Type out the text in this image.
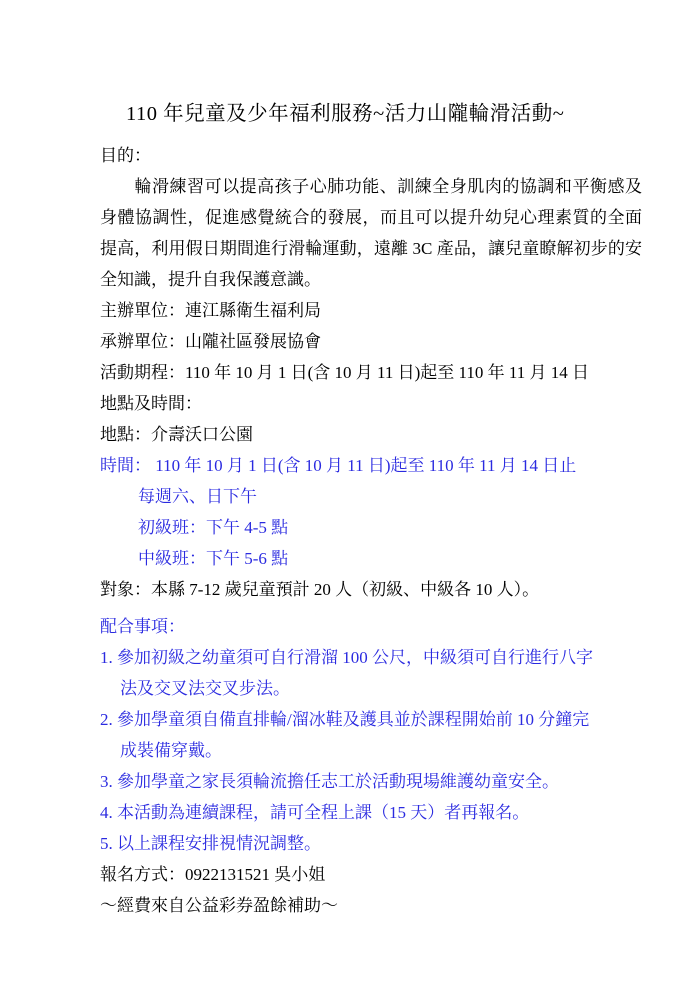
110 年兒童及少年福利服務~活力山隴輪滑活動~
目的：

輪滑練習可以提高孩子心肺功能、訓練全身肌肉的協調和平衡感及身體協調性，促進感覺統合的發展，而且可以提升幼兒心理素質的全面提高，利用假日期間進行滑輪運動，遠離 3C 產品，讓兒童瞭解初步的安全知識，提升自我保護意識。

主辦單位：連江縣衛生福利局
承辦單位：山隴社區發展協會
活動期程：110 年 10 月 1 日(含 10 月 11 日)起至 110 年 11 月 14 日
地點及時間：
地點：介壽沃口公園
時間： 110 年 10 月 1 日(含 10 月 11 日)起至 110 年 11 月 14 日止
每週六、日下午
初級班：下午 4-5 點
中級班：下午 5-6 點
對象：本縣 7-12 歲兒童預計 20 人（初級、中級各 10 人）。
配合事項：
1. 參加初級之幼童須可自行滑溜 100 公尺，中級須可自行進行八字
法及交叉法交叉步法。
2. 參加學童須自備直排輪/溜冰鞋及護具並於課程開始前 10 分鐘完
成裝備穿戴。
3. 參加學童之家長須輪流擔任志工於活動現場維護幼童安全。
4. 本活動為連續課程，請可全程上課（15 天）者再報名。
5. 以上課程安排視情況調整。
報名方式：0922131521 吳小姐
～經費來自公益彩券盈餘補助～
